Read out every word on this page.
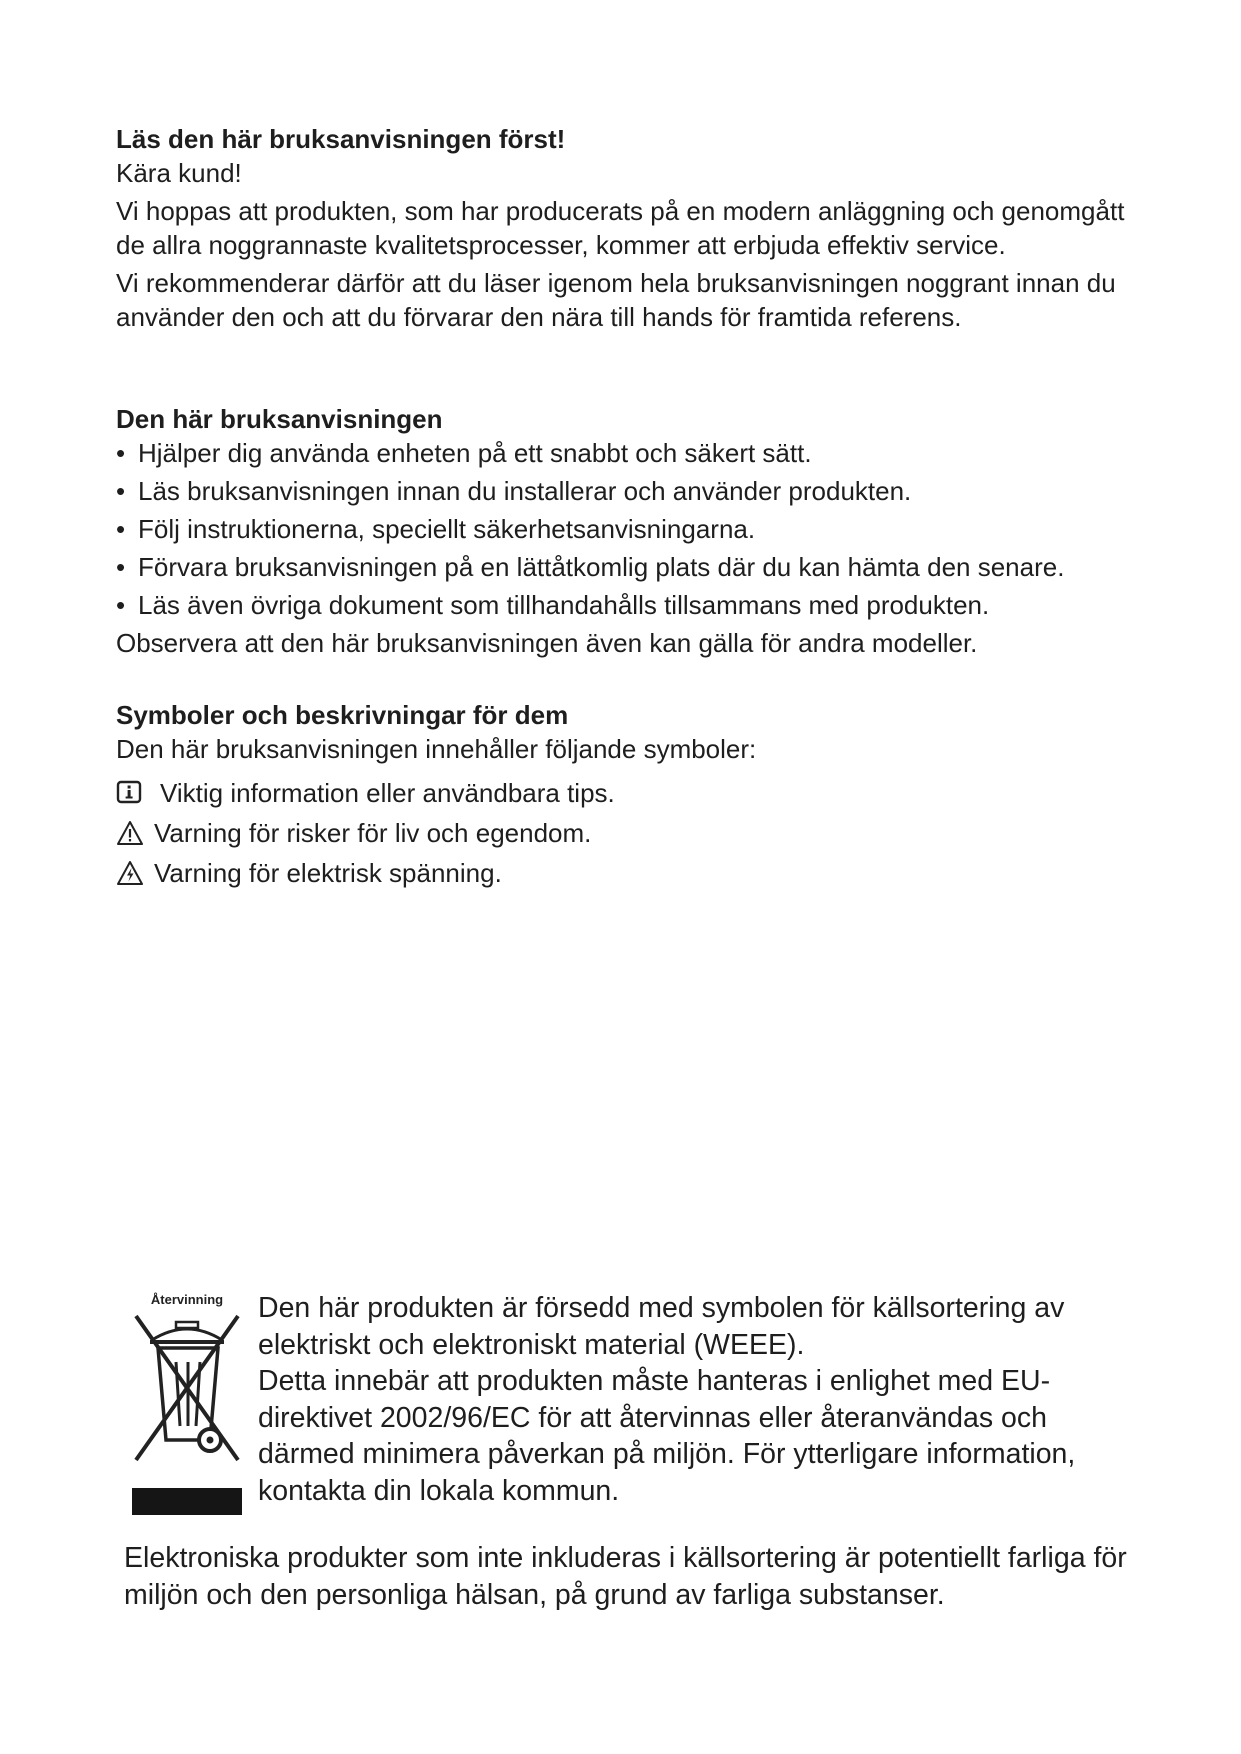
Läs den här bruksanvisningen först!

Kära kund!

Vi hoppas att produkten, som har producerats på en modern anläggning och genomgått de allra noggrannaste kvalitetsprocesser, kommer att erbjuda effektiv service.

Vi rekommenderar därför att du läser igenom hela bruksanvisningen noggrant innan du använder den och att du förvarar den nära till hands för framtida referens.

Den här bruksanvisningen

• Hjälper dig använda enheten på ett snabbt och säkert sätt.
• Läs bruksanvisningen innan du installerar och använder produkten.
• Följ instruktionerna, speciellt säkerhetsanvisningarna.
• Förvara bruksanvisningen på en lättåtkomlig plats där du kan hämta den senare.
• Läs även övriga dokument som tillhandahålls tillsammans med produkten.

Observera att den här bruksanvisningen även kan gälla för andra modeller.

Symboler och beskrivningar för dem

Den här bruksanvisningen innehåller följande symboler:

Viktig information eller användbara tips.
Varning för risker för liv och egendom.
Varning för elektrisk spänning.
Återvinning Den här produkten är försedd med symbolen för källsortering av elektriskt och elektroniskt material (WEEE).
Detta innebär att produkten måste hanteras i enlighet med EU-direktivet 2002/96/EC för att återvinnas eller återanvändas och därmed minimera påverkan på miljön. För ytterligare information, kontakta din lokala kommun.

Elektroniska produkter som inte inkluderas i källsortering är potentiellt farliga för miljön och den personliga hälsan, på grund av farliga substanser.
